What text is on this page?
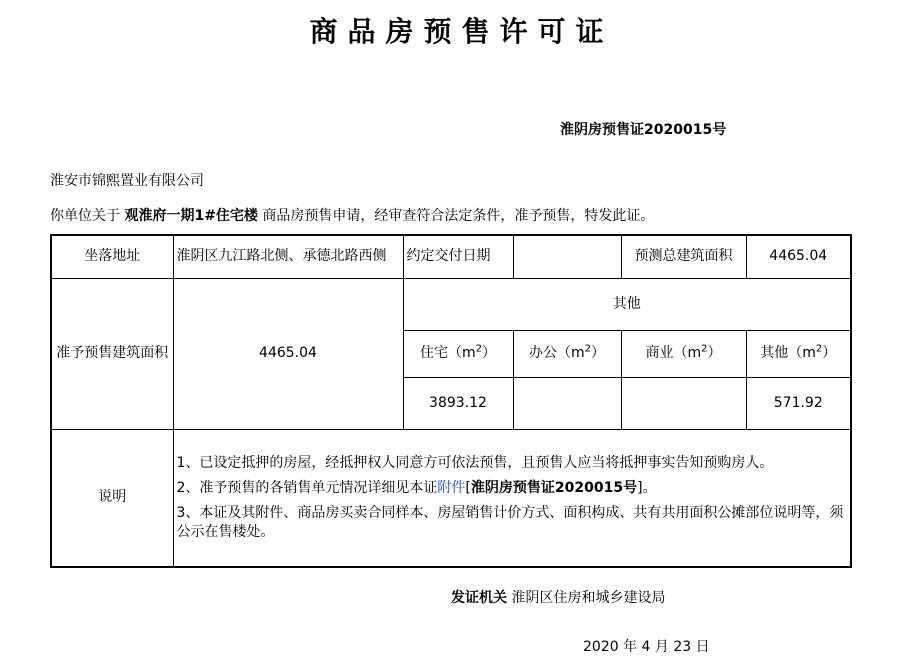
商品房预售许可证
淮阴房预售证2020015号
淮安市锦熙置业有限公司
你单位关于 观淮府一期1#住宅楼 商品房预售申请，经审查符合法定条件，准予预售，特发此证。
坐落地址	淮阴区九江路北侧、承德北路西侧	约定交付日期		预测总建筑面积	4465.04
准予预售建筑面积	4465.04	其他			
		住宅$(m^2)$	办公$(m^2)$	商业$(m^2)$	其他$(m^2)$
		3893.12			571.92
说明	1、已设定抵押的房屋，经抵押权人同意方可依法预售，且预售人应当将抵押事实告知预购房人。

2、准予预售的各销售单元情况详细见本证附件[淮阴房预售证2020015号]。

3、本证及其附件、商品房买卖合同样本、房屋销售计价方式、面积构成、共有共用面积公摊部位说明等，须公示在售楼处。				

发证机关 淮阴区住房和城乡建设局
2020 年 4 月 23 日
